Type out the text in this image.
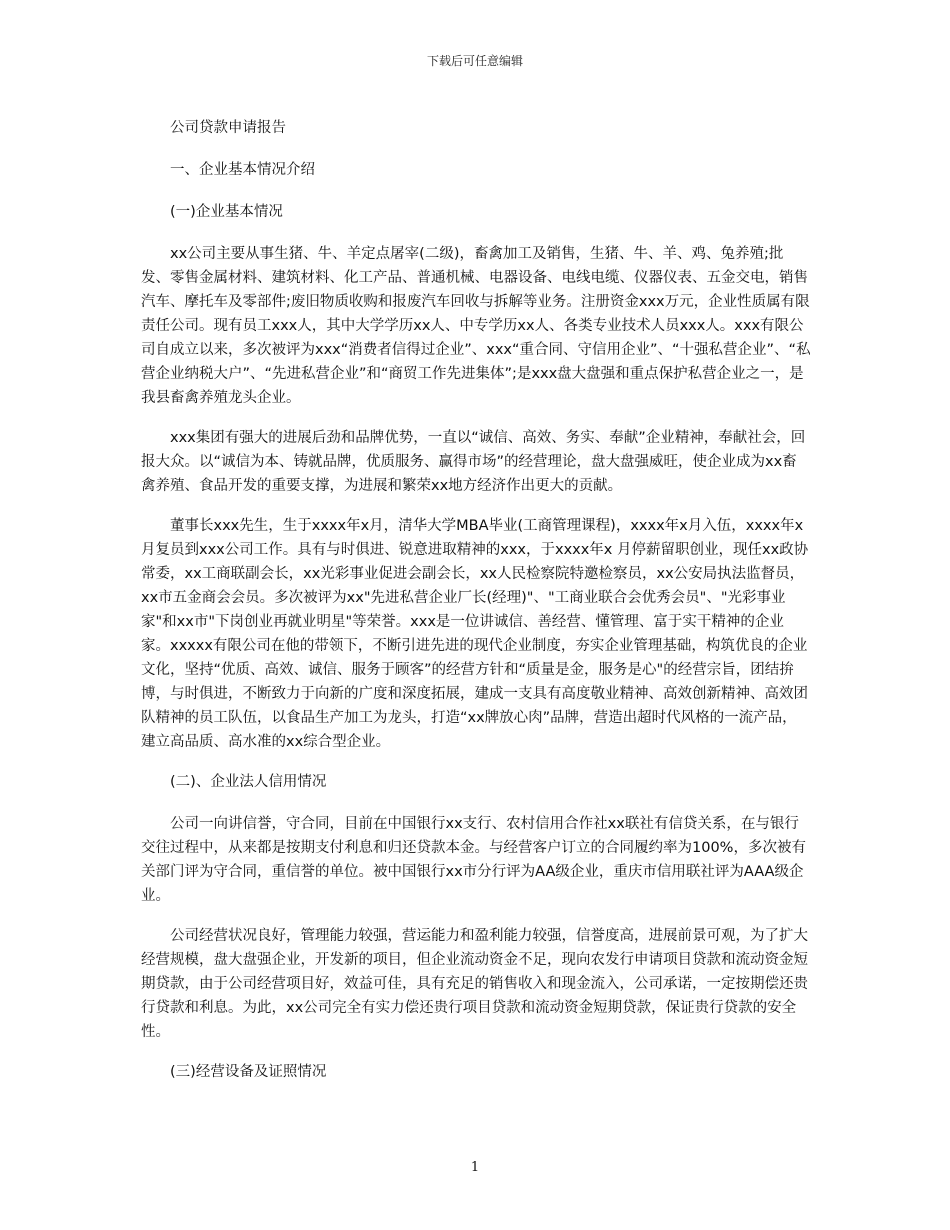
下载后可任意编辑

公司贷款申请报告

一、企业基本情况介绍

(一)企业基本情况

xx公司主要从事生猪、牛、羊定点屠宰(二级)，畜禽加工及销售，生猪、牛、羊、鸡、兔养殖;批发、零售金属材料、建筑材料、化工产品、普通机械、电器设备、电线电缆、仪器仪表、五金交电，销售汽车、摩托车及零部件;废旧物质收购和报废汽车回收与拆解等业务。注册资金xxx万元，企业性质属有限责任公司。现有员工xxx人，其中大学学历xx人、中专学历xx人、各类专业技术人员xxx人。xxx有限公司自成立以来，多次被评为xxx“消费者信得过企业”、xxx“重合同、守信用企业”、“十强私营企业”、“私营企业纳税大户”、“先进私营企业”和“商贸工作先进集体”;是xxx盘大盘强和重点保护私营企业之一，是我县畜禽养殖龙头企业。

xxx集团有强大的进展后劲和品牌优势，一直以“诚信、高效、务实、奉献”企业精神，奉献社会，回报大众。以“诚信为本、铸就品牌，优质服务、赢得市场”的经营理论，盘大盘强威旺，使企业成为xx畜禽养殖、食品开发的重要支撑，为进展和繁荣xx地方经济作出更大的贡献。

董事长xxx先生，生于xxxx年x月，清华大学MBA毕业(工商管理课程)，xxxx年x月入伍，xxxx年x月复员到xxx公司工作。具有与时俱进、锐意进取精神的xxx，于xxxx年x 月停薪留职创业，现任xx政协常委，xx工商联副会长，xx光彩事业促进会副会长，xx人民检察院特邀检察员，xx公安局执法监督员，xx市五金商会会员。多次被评为xx"先进私营企业厂长(经理)"、"工商业联合会优秀会员"、"光彩事业家"和xx市"下岗创业再就业明星"等荣誉。xxx是一位讲诚信、善经营、懂管理、富于实干精神的企业家。xxxxx有限公司在他的带领下，不断引进先进的现代企业制度，夯实企业管理基础，构筑优良的企业文化，坚持“优质、高效、诚信、服务于顾客”的经营方针和“质量是金，服务是心"的经营宗旨，团结拚博，与时俱进，不断致力于向新的广度和深度拓展，建成一支具有高度敬业精神、高效创新精神、高效团队精神的员工队伍，以食品生产加工为龙头，打造“xx牌放心肉”品牌，营造出超时代风格的一流产品，建立高品质、高水准的xx综合型企业。

(二)、企业法人信用情况

公司一向讲信誉，守合同，目前在中国银行xx支行、农村信用合作社xx联社有信贷关系，在与银行交往过程中，从来都是按期支付利息和归还贷款本金。与经营客户订立的合同履约率为100%，多次被有关部门评为守合同，重信誉的单位。被中国银行xx市分行评为AA级企业，重庆市信用联社评为AAA级企业。

公司经营状况良好，管理能力较强，营运能力和盈利能力较强，信誉度高，进展前景可观，为了扩大经营规模，盘大盘强企业，开发新的项目，但企业流动资金不足，现向农发行申请项目贷款和流动资金短期贷款，由于公司经营项目好，效益可佳，具有充足的销售收入和现金流入，公司承诺，一定按期偿还贵行贷款和利息。为此，xx公司完全有实力偿还贵行项目贷款和流动资金短期贷款，保证贵行贷款的安全性。

(三)经营设备及证照情况

1
